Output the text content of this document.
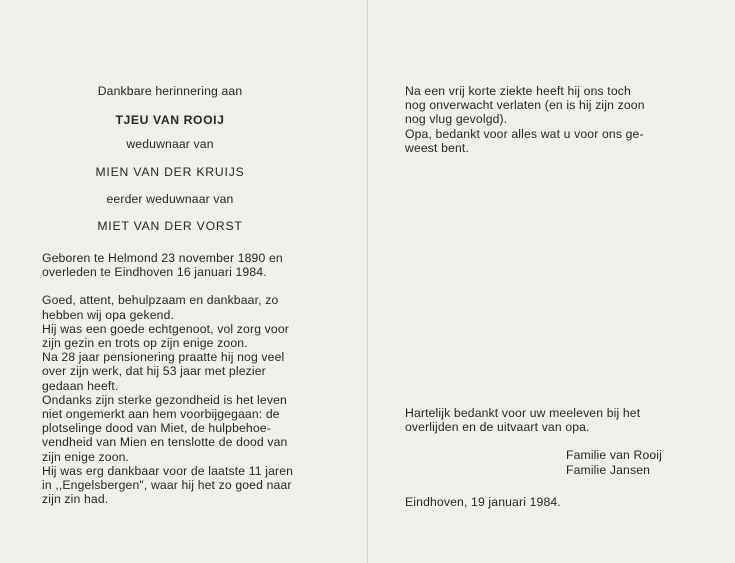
Dankbare herinnering aan
TJEU VAN ROOIJ
weduwnaar van
MIEN VAN DER KRUIJS
eerder weduwnaar van
MIET VAN DER VORST
Geboren te Helmond 23 november 1890 en
overleden te Eindhoven 16 januari 1984.
Goed, attent, behulpzaam en dankbaar, zo
hebben wij opa gekend.
Hij was een goede echtgenoot, vol zorg voor
zijn gezin en trots op zijn enige zoon.
Na 28 jaar pensionering praatte hij nog veel
over zijn werk, dat hij 53 jaar met plezier
gedaan heeft.
Ondanks zijn sterke gezondheid is het leven
niet ongemerkt aan hem voorbijgegaan: de
plotselinge dood van Miet, de hulpbehoe-
vendheid van Mien en tenslotte de dood van
zijn enige zoon.
Hij was erg dankbaar voor de laatste 11 jaren
in ,,Engelsbergen", waar hij het zo goed naar
zijn zin had.
Na een vrij korte ziekte heeft hij ons toch
nog onverwacht verlaten (en is hij zijn zoon
nog vlug gevolgd).
Opa, bedankt voor alles wat u voor ons ge-
weest bent.
Hartelijk bedankt voor uw meeleven bij het
overlijden en de uitvaart van opa.
Familie van Rooij
Familie Jansen
Eindhoven, 19 januari 1984.
